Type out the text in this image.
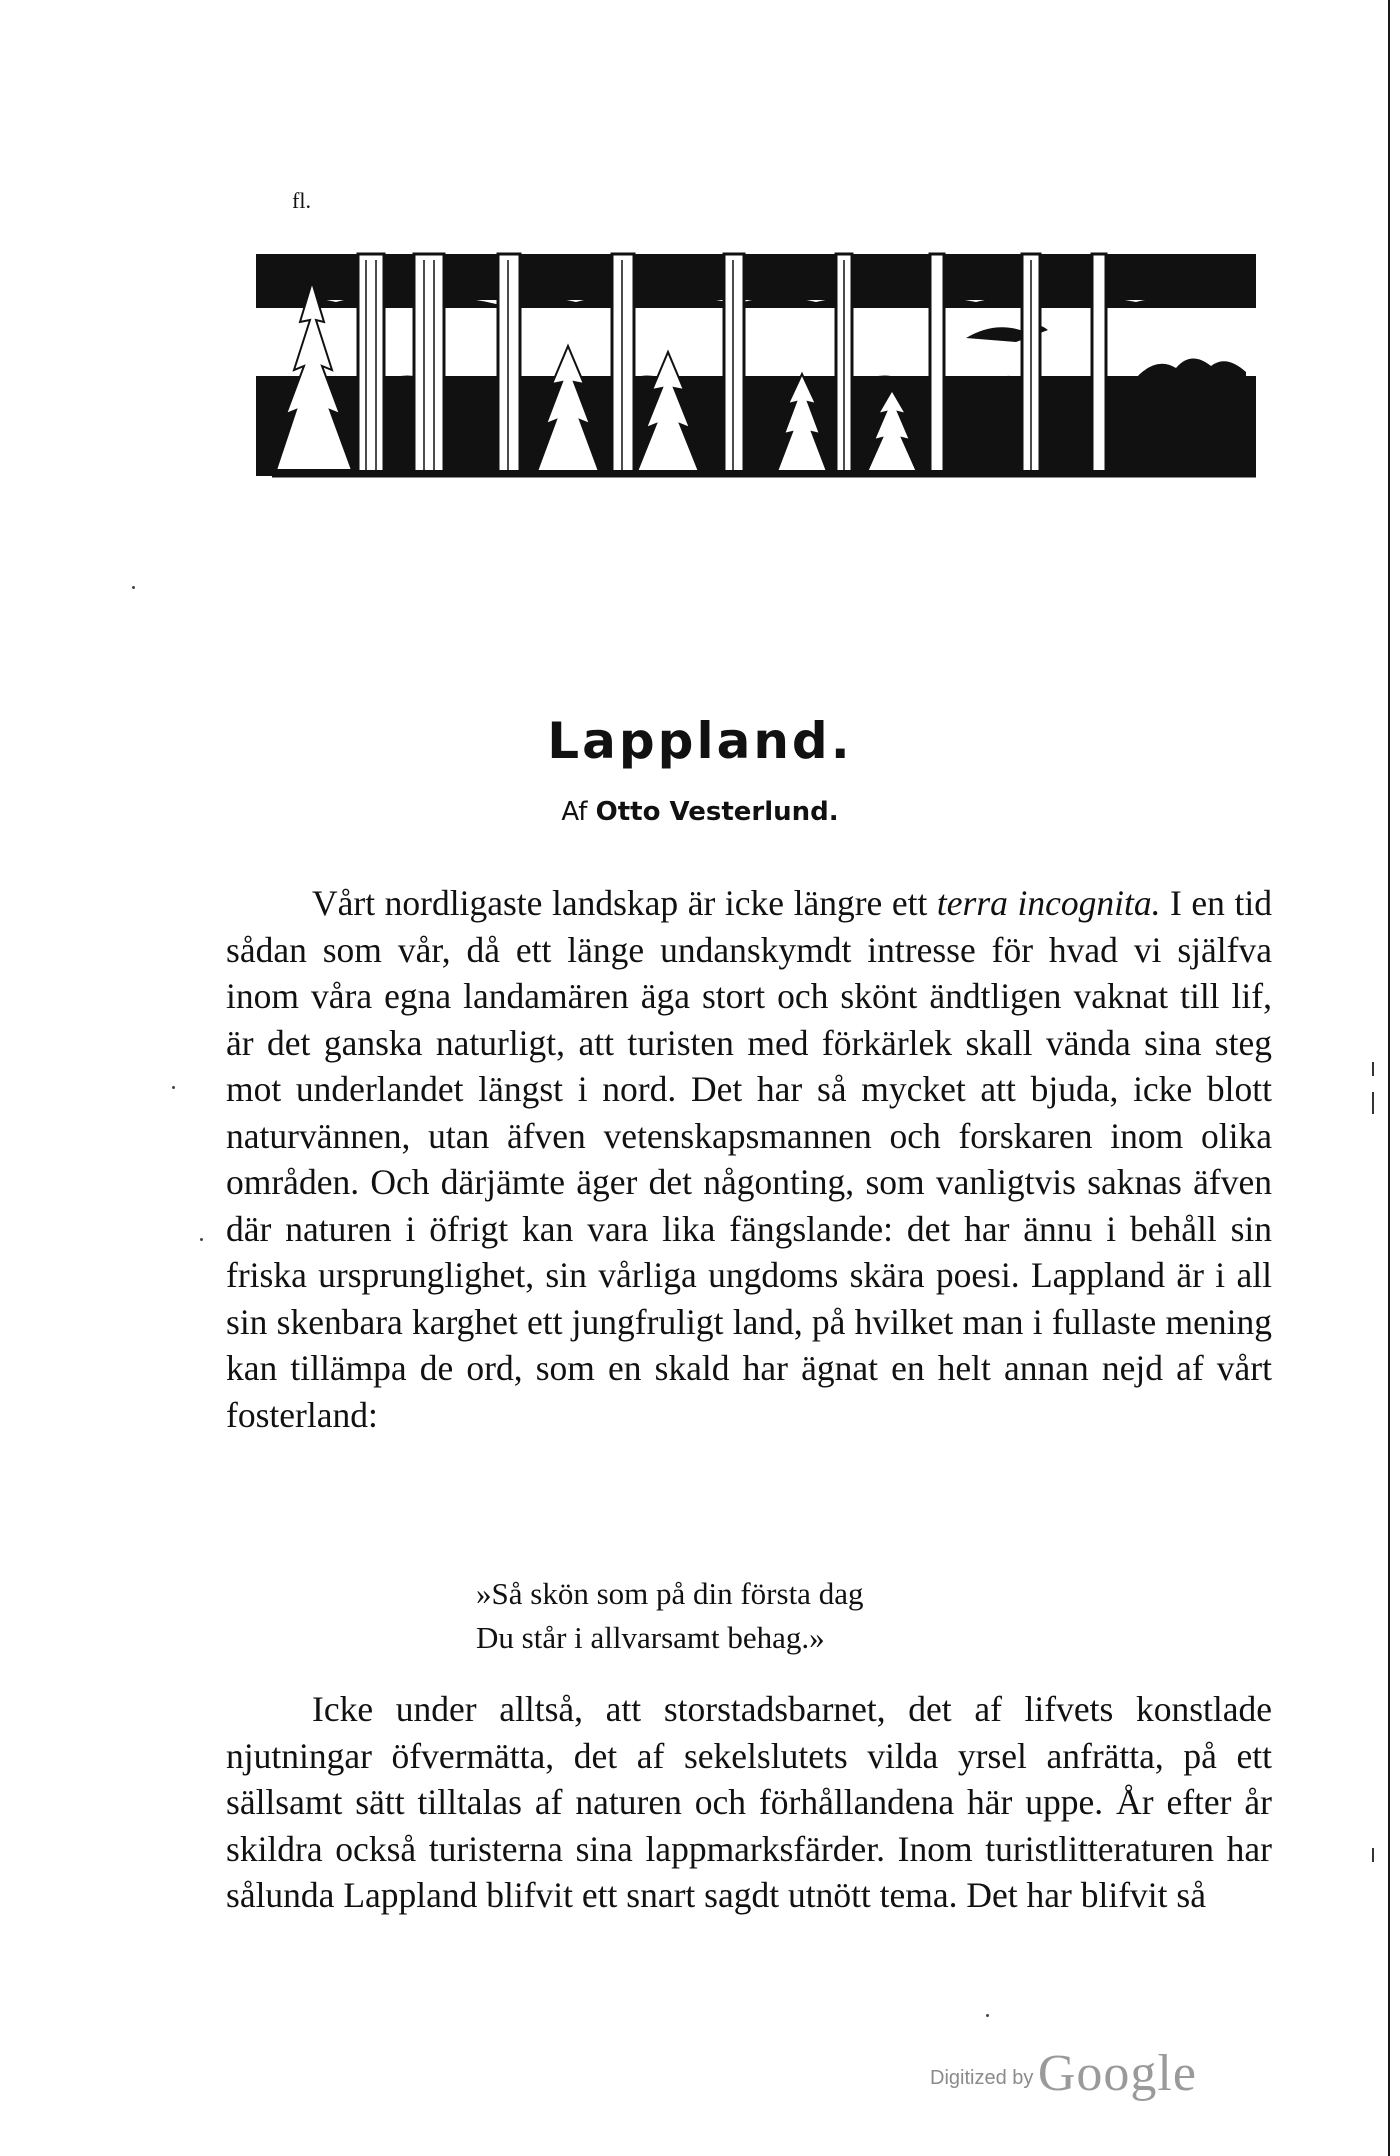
fl.
Lappland.
Af Otto Vesterlund.
Vårt nordligaste landskap är icke längre ett terra incognita. I en tid sådan som vår, då ett länge undanskymdt intresse för hvad vi själfva inom våra egna landamären äga stort och skönt ändtligen vaknat till lif, är det ganska naturligt, att turisten med förkärlek skall vända sina steg mot underlandet längst i nord. Det har så mycket att bjuda, icke blott naturvännen, utan äfven vetenskapsmannen och forskaren inom olika områden. Och därjämte äger det någonting, som vanligtvis saknas äfven där naturen i öfrigt kan vara lika fängslande: det har ännu i behåll sin friska ursprunglighet, sin vårliga ungdoms skära poesi. Lappland är i all sin skenbara karghet ett jungfruligt land, på hvilket man i fullaste mening kan tillämpa de ord, som en skald har ägnat en helt annan nejd af vårt fosterland:
»Så skön som på din första dag
Du står i allvarsamt behag.»
Icke under alltså, att storstadsbarnet, det af lifvets konstlade njutningar öfvermätta, det af sekelslutets vilda yrsel anfrätta, på ett sällsamt sätt tilltalas af naturen och förhållandena här uppe. År efter år skildra också turisterna sina lappmarksfärder. Inom turistlitteraturen har sålunda Lappland blifvit ett snart sagdt utnött tema. Det har blifvit så
Digitized by Google
